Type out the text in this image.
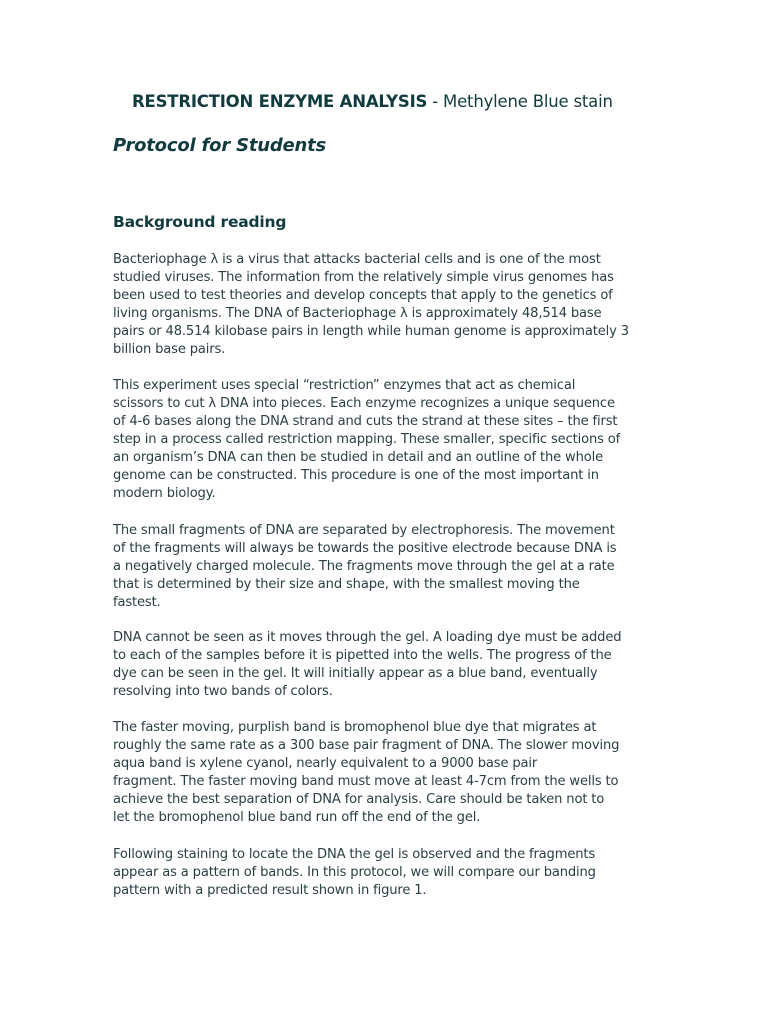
RESTRICTION ENZYME ANALYSIS - Methylene Blue stain
Protocol for Students
Background reading
Bacteriophage λ is a virus that attacks bacterial cells and is one of the most
studied viruses. The information from the relatively simple virus genomes has
been used to test theories and develop concepts that apply to the genetics of
living organisms. The DNA of Bacteriophage λ is approximately 48,514 base
pairs or 48.514 kilobase pairs in length while human genome is approximately 3
billion base pairs.
This experiment uses special “restriction” enzymes that act as chemical
scissors to cut λ DNA into pieces. Each enzyme recognizes a unique sequence
of 4-6 bases along the DNA strand and cuts the strand at these sites – the first
step in a process called restriction mapping. These smaller, specific sections of
an organism’s DNA can then be studied in detail and an outline of the whole
genome can be constructed. This procedure is one of the most important in
modern biology.
The small fragments of DNA are separated by electrophoresis. The movement
of the fragments will always be towards the positive electrode because DNA is
a negatively charged molecule. The fragments move through the gel at a rate
that is determined by their size and shape, with the smallest moving the
fastest.
DNA cannot be seen as it moves through the gel. A loading dye must be added
to each of the samples before it is pipetted into the wells. The progress of the
dye can be seen in the gel. It will initially appear as a blue band, eventually
resolving into two bands of colors.
The faster moving, purplish band is bromophenol blue dye that migrates at
roughly the same rate as a 300 base pair fragment of DNA. The slower moving
aqua band is xylene cyanol, nearly equivalent to a 9000 base pair
fragment. The faster moving band must move at least 4-7cm from the wells to
achieve the best separation of DNA for analysis. Care should be taken not to
let the bromophenol blue band run off the end of the gel.
Following staining to locate the DNA the gel is observed and the fragments
appear as a pattern of bands. In this protocol, we will compare our banding
pattern with a predicted result shown in figure 1.
